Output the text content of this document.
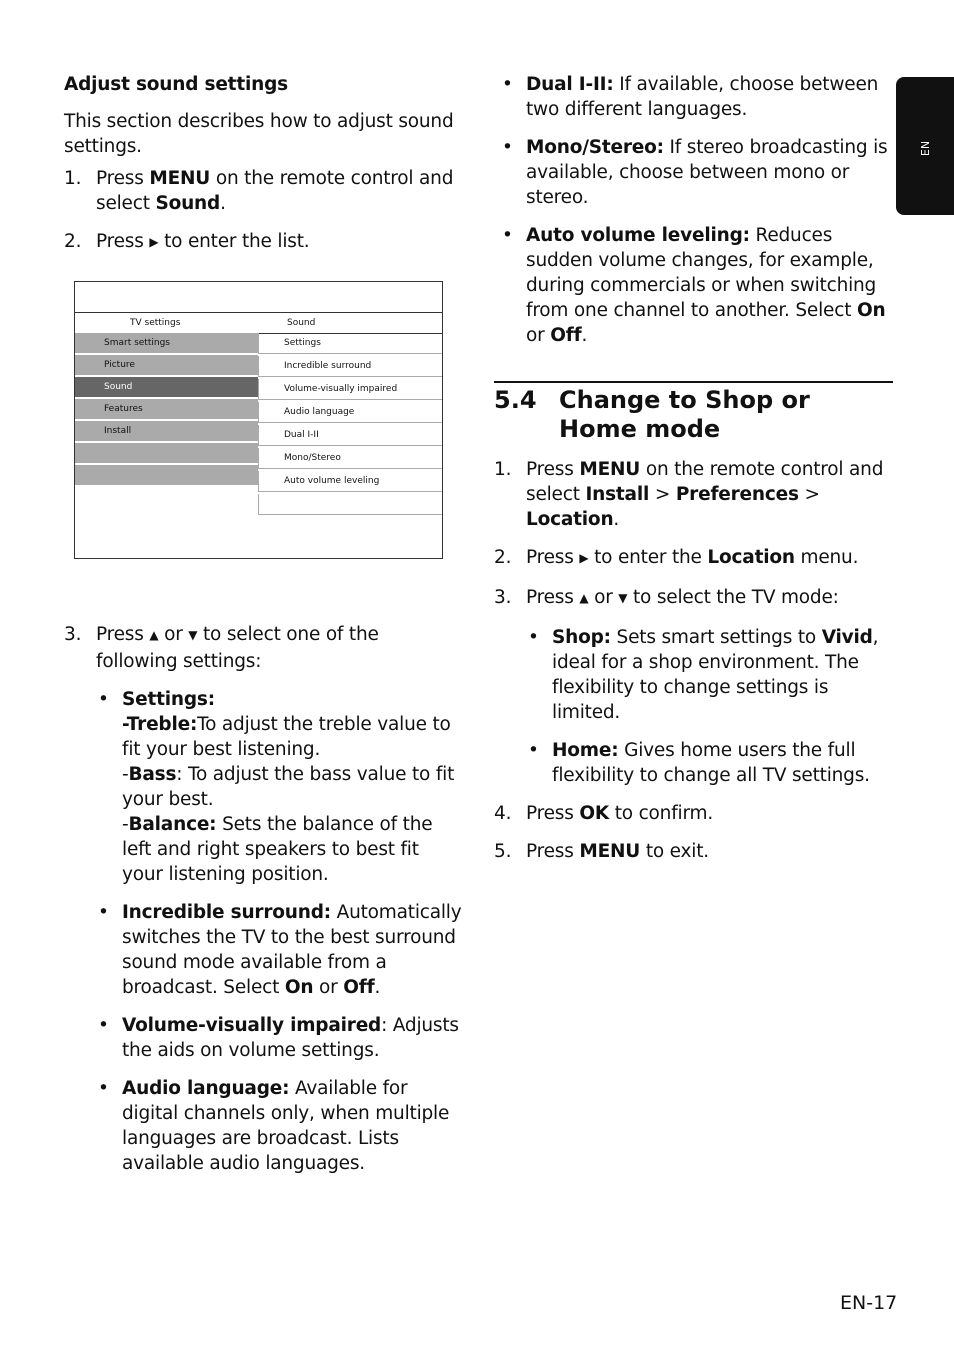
EN
Adjust sound settings

This section describes how to adjust sound settings.

1. Press MENU on the remote control and select Sound.
2. Press ▶ to enter the list.
3. Press ▲ or ▼ to select one of the following settings:
• Settings:
-Treble:To adjust the treble value to fit your best listening.
-Bass: To adjust the bass value to fit your best.
-Balance: Sets the balance of the left and right speakers to best fit your listening position.
• Incredible surround: Automatically switches the TV to the best surround sound mode available from a broadcast. Select On or Off.
• Volume-visually impaired: Adjusts the aids on volume settings.
• Audio language: Available for digital channels only, when multiple languages are broadcast. Lists available audio languages.
TV settings	Sound
Smart settings
Picture
Sound
Features
Install
Settings
Incredible surround
Volume-visually impaired
Audio language
Dual I-II
Mono/Stereo
Auto volume leveling
• Dual I-II: If available, choose between two different languages.
• Mono/Stereo: If stereo broadcasting is available, choose between mono or stereo.
• Auto volume leveling: Reduces sudden volume changes, for example, during commercials or when switching from one channel to another. Select On or Off.
5.4 Change to Shop or Home mode
1. Press MENU on the remote control and select Install > Preferences > Location.
2. Press ▶ to enter the Location menu.
3. Press ▲ or ▼ to select the TV mode:
• Shop: Sets smart settings to Vivid, ideal for a shop environment. The flexibility to change settings is limited.
• Home: Gives home users the full flexibility to change all TV settings.
4. Press OK to confirm.
5. Press MENU to exit.
EN-17
